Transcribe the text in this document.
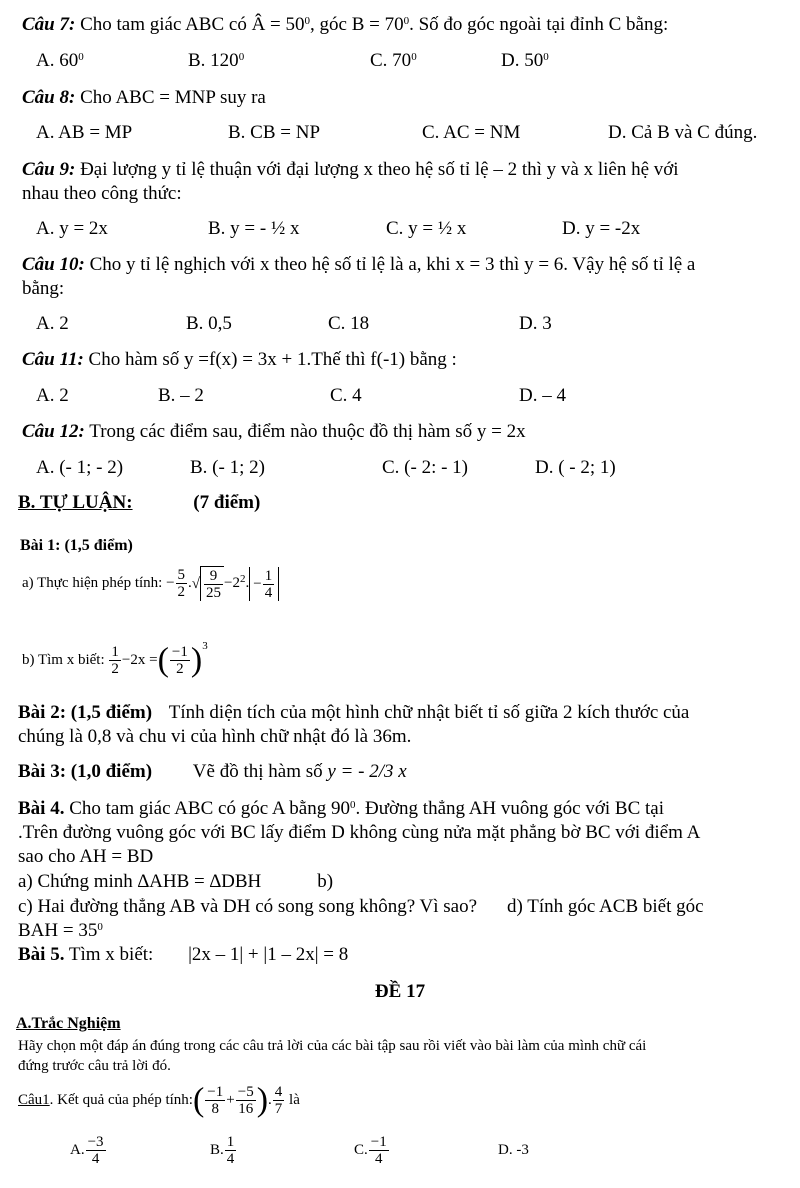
Câu 7: Cho tam giác ABC có Â = $50^0$, góc $B = 70^0$. Số đo góc ngoài tại đỉnh C bằng:
A. $60^0$	B. $120^0$	C. $70^0$	D. $50^0$
Câu 8: Cho ABC = MNP suy ra
A. AB = MP	B. CB = NP	C. AC = NM	D. Cả B và C đúng.
Câu 9: Đại lượng y tỉ lệ thuận với đại lượng x theo hệ số tỉ lệ – 2 thì y và x liên hệ với
nhau theo công thức:
A. y = 2x	B. y = - ½ x	C. y = ½ x	D. y = -2x
Câu 10: Cho y tỉ lệ nghịch với x theo hệ số tỉ lệ là a, khi x = 3 thì y = 6. Vậy hệ số tỉ lệ a
bằng:
A. 2	B. 0,5	C. 18	D. 3
Câu 11: Cho hàm số y =f(x) = 3x + 1.Thế thì f(-1) bằng :
A. 2	B. – 2	C. 4	D. – 4
Câu 12: Trong các điểm sau, điểm nào thuộc đồ thị hàm số y = 2x
A. (- 1; - 2)	B. (- 1; 2)	C. (- 2: - 1)	D. ( - 2; 1)
B. TỰ LUẬN:	(7 điểm)
Bài 1: (1,5 điểm)
a) Thực hiện phép tính: − $\frac{5}{2}$ .√ $\frac{9}{25} -2^2$. − $\frac{1}{4}$
b) Tìm x biết: $\frac{1}{2} -2x$ =( $\frac{-1}{2} )^3$
Bài 2: (1,5 điểm) Tính diện tích của một hình chữ nhật biết tỉ số giữa 2 kích thước của
chúng là 0,8 và chu vi của hình chữ nhật đó là 36m.
Bài 3: (1,0 điểm) Vẽ đồ thị hàm số y = - 2/3 x
Bài 4. Cho tam giác ABC có góc A bằng $90^0$. Đường thẳng AH vuông góc với BC tại
.Trên đường vuông góc với BC lấy điểm D không cùng nửa mặt phẳng bờ BC với điểm A
sao cho AH = BD
a) Chứng minh ∆AHB = ∆DBH	b)
c) Hai đường thẳng AB và DH có song song không? Vì sao? d) Tính góc ACB biết góc
BAH = $35^0$
Bài 5. Tìm x biết: |2x – 1| + |1 – 2x| = 8
ĐỀ 17
A.Trắc Nghiệm
Hãy chọn một đáp án đúng trong các câu trả lời của các bài tập sau rồi viết vào bài làm của mình chữ cái
đứng trước câu trả lời đó.
Câu1. Kết quả của phép tính:( $\frac{-1}{8} + \frac{-5}{16}$ ). $\frac{4}{7}$ là
A. $\frac{-3}{4}$	B. $\frac{1}{4}$	C. $\frac{-1}{4}$	D. -3
